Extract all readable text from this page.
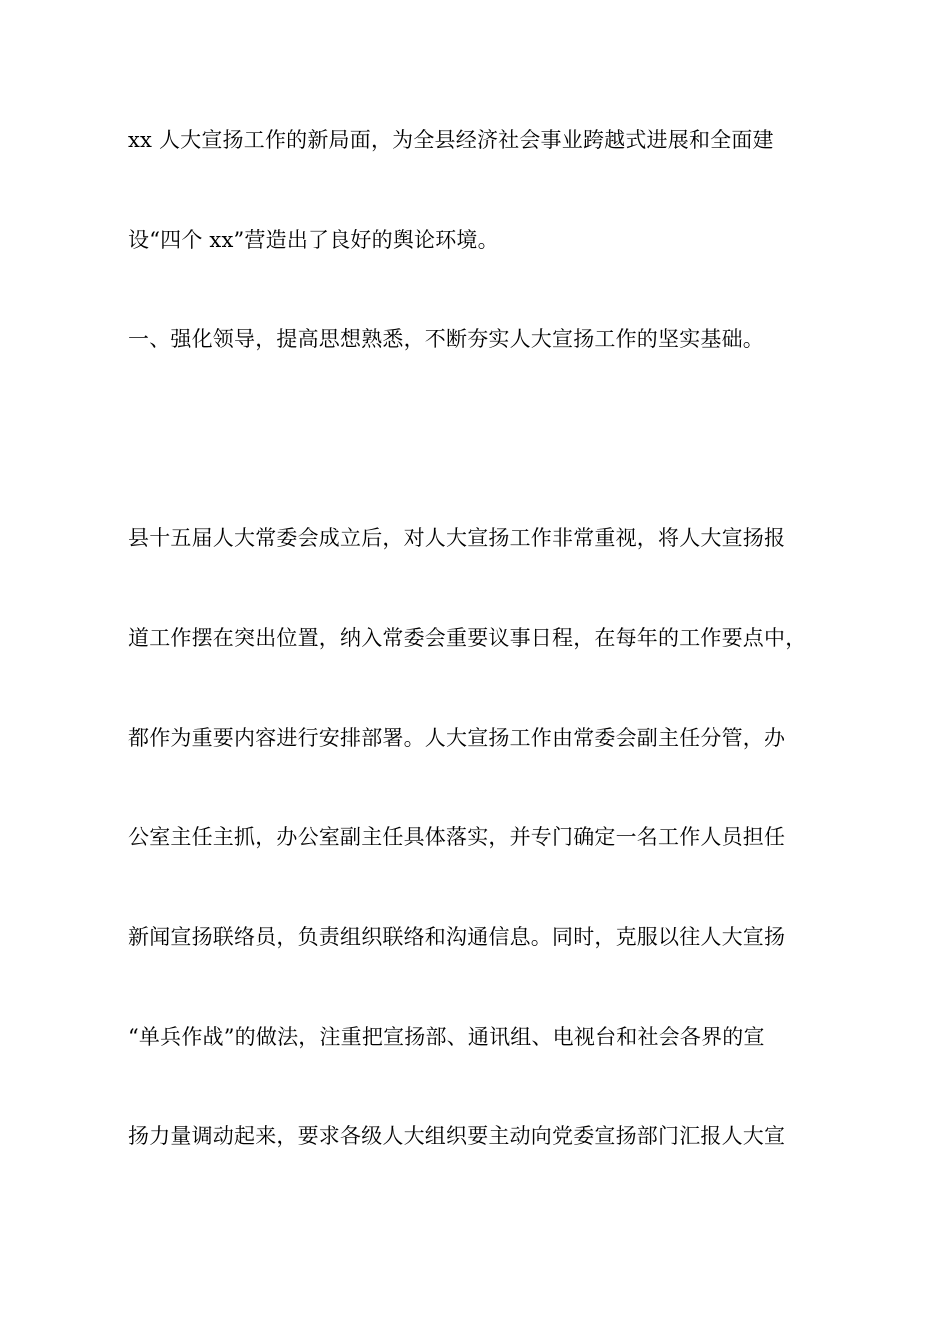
xx 人大宣扬工作的新局面，为全县经济社会事业跨越式进展和全面建
设“四个 xx”营造出了良好的舆论环境。
一、强化领导，提高思想熟悉，不断夯实人大宣扬工作的坚实基础。
县十五届人大常委会成立后，对人大宣扬工作非常重视，将人大宣扬报
道工作摆在突出位置，纳入常委会重要议事日程，在每年的工作要点中，
都作为重要内容进行安排部署。人大宣扬工作由常委会副主任分管，办
公室主任主抓，办公室副主任具体落实，并专门确定一名工作人员担任
新闻宣扬联络员，负责组织联络和沟通信息。同时，克服以往人大宣扬
“单兵作战”的做法，注重把宣扬部、通讯组、电视台和社会各界的宣
扬力量调动起来，要求各级人大组织要主动向党委宣扬部门汇报人大宣
